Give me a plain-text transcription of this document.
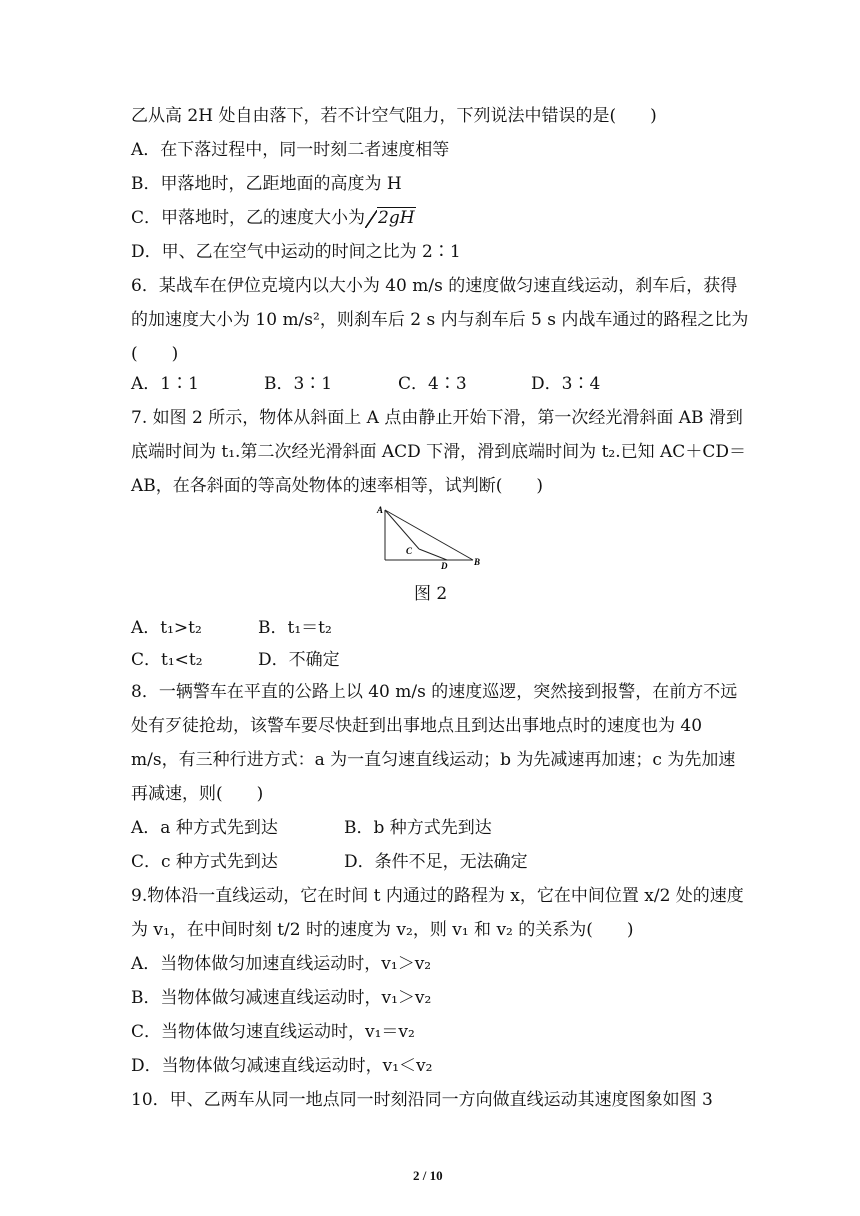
乙从高 2H 处自由落下，若不计空气阻力，下列说法中错误的是(　　)
A．在下落过程中，同一时刻二者速度相等
B．甲落地时，乙距地面的高度为 H
C．甲落地时，乙的速度大小为 2gH
D．甲、乙在空气中运动的时间之比为 2∶1
6．某战车在伊位克境内以大小为 40 m/s 的速度做匀速直线运动，刹车后，获得
的加速度大小为 10 m/s²，则刹车后 2 s 内与刹车后 5 s 内战车通过的路程之比为
(　　)
A．1∶1	B．3∶1	C．4∶3	D．3∶4
7. 如图 2 所示，物体从斜面上 A 点由静止开始下滑，第一次经光滑斜面 AB 滑到
底端时间为 t₁.第二次经光滑斜面 ACD 下滑，滑到底端时间为 t₂.已知 AC＋CD＝
AB，在各斜面的等高处物体的速率相等，试判断(　　)
A
B
C
D
图 2
A．t₁>t₂	B．t₁＝t₂
C．t₁<t₂	D．不确定
8．一辆警车在平直的公路上以 40 m/s 的速度巡逻，突然接到报警，在前方不远
处有歹徒抢劫，该警车要尽快赶到出事地点且到达出事地点时的速度也为 40
m/s，有三种行进方式：a 为一直匀速直线运动；b 为先减速再加速；c 为先加速
再减速，则(　　)
A．a 种方式先到达	B．b 种方式先到达
C．c 种方式先到达	D．条件不足，无法确定
9.物体沿一直线运动，它在时间 t 内通过的路程为 x，它在中间位置 x/2 处的速度
为 v₁，在中间时刻 t/2 时的速度为 v₂，则 v₁ 和 v₂ 的关系为(　　)
A．当物体做匀加速直线运动时，v₁＞v₂
B．当物体做匀减速直线运动时，v₁＞v₂
C．当物体做匀速直线运动时，v₁＝v₂
D．当物体做匀减速直线运动时，v₁＜v₂
10．甲、乙两车从同一地点同一时刻沿同一方向做直线运动其速度图象如图 3
2 / 10
